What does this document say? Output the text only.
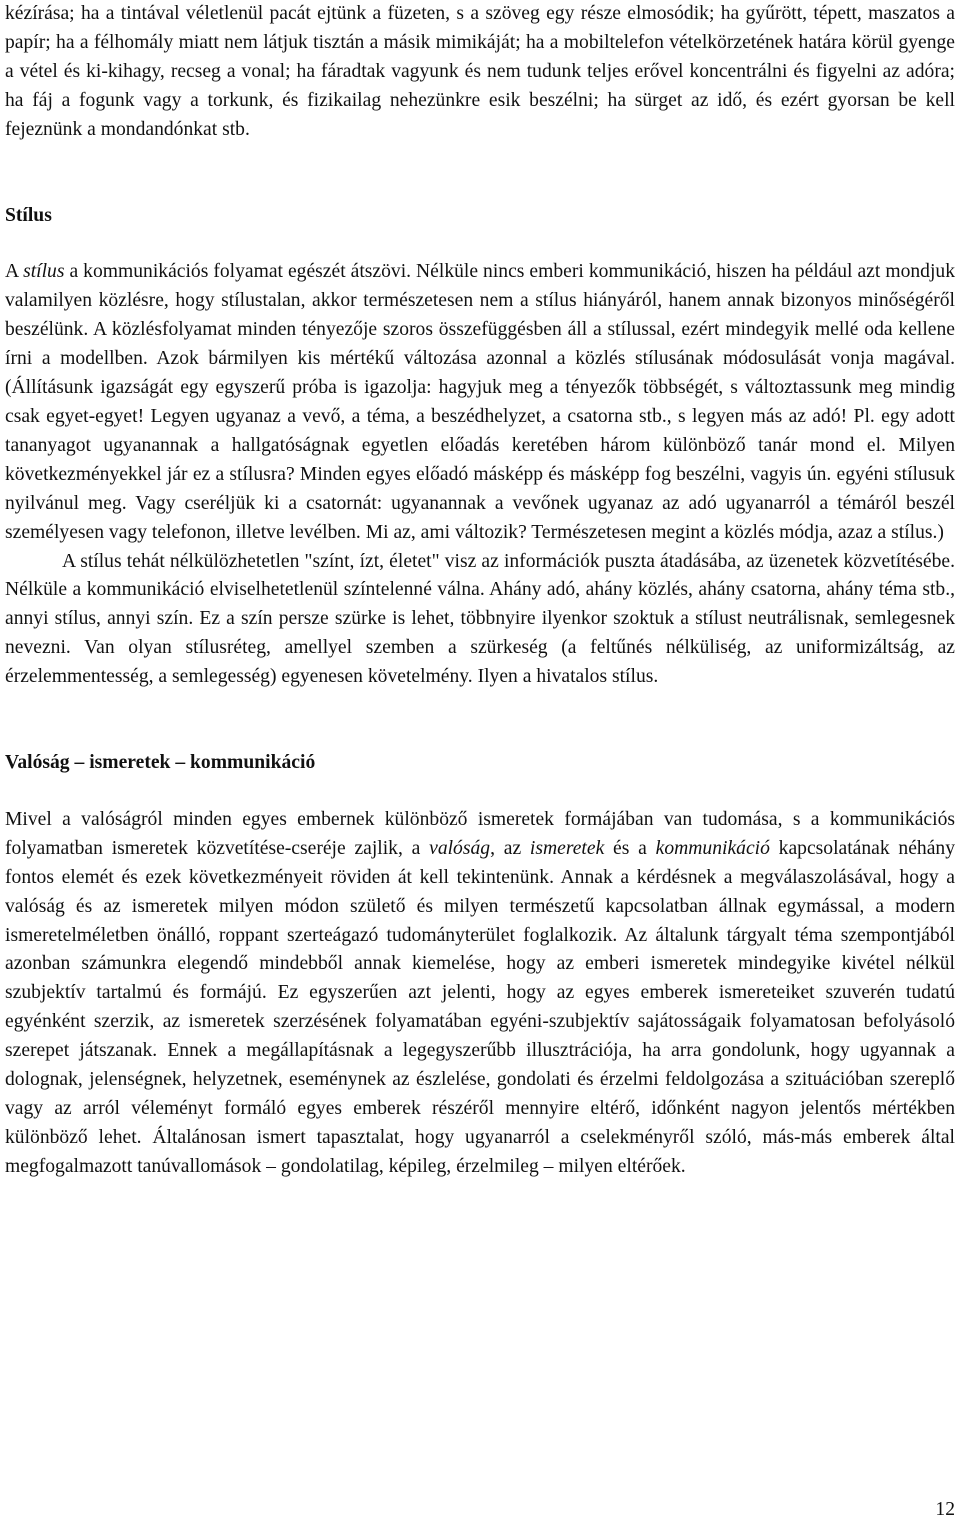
kézírása; ha a tintával véletlenül pacát ejtünk a füzeten, s a szöveg egy része elmosódik; ha gyűrött, tépett, maszatos a papír; ha a félhomály miatt nem látjuk tisztán a másik mimikáját; ha a mobiltelefon vételkörzetének határa körül gyenge a vétel és ki-kihagy, recseg a vonal; ha fáradtak vagyunk és nem tudunk teljes erővel koncentrálni és figyelni az adóra; ha fáj a fogunk vagy a torkunk, és fizikailag nehezünkre esik beszélni; ha sürget az idő, és ezért gyorsan be kell fejeznünk a mondandónkat stb.

Stílus

A stílus a kommunikációs folyamat egészét átszövi. Nélküle nincs emberi kommunikáció, hiszen ha például azt mondjuk valamilyen közlésre, hogy stílustalan, akkor természetesen nem a stílus hiányáról, hanem annak bizonyos minőségéről beszélünk. A közlésfolyamat minden tényezője szoros összefüggésben áll a stílussal, ezért mindegyik mellé oda kellene írni a modellben. Azok bármilyen kis mértékű változása azonnal a közlés stílusának módosulását vonja magával. (Állításunk igazságát egy egyszerű próba is igazolja: hagyjuk meg a tényezők többségét, s változtassunk meg mindig csak egyet-egyet! Legyen ugyanaz a vevő, a téma, a beszédhelyzet, a csatorna stb., s legyen más az adó! Pl. egy adott tananyagot ugyanannak a hallgatóságnak egyetlen előadás keretében három különböző tanár mond el. Milyen következményekkel jár ez a stílusra? Minden egyes előadó másképp és másképp fog beszélni, vagyis ún. egyéni stílusuk nyilvánul meg. Vagy cseréljük ki a csatornát: ugyanannak a vevőnek ugyanaz az adó ugyanarról a témáról beszél személyesen vagy telefonon, illetve levélben. Mi az, ami változik? Természetesen megint a közlés módja, azaz a stílus.)

A stílus tehát nélkülözhetetlen "színt, ízt, életet" visz az információk puszta átadásába, az üzenetek közvetítésébe. Nélküle a kommunikáció elviselhetetlenül színtelenné válna. Ahány adó, ahány közlés, ahány csatorna, ahány téma stb., annyi stílus, annyi szín. Ez a szín persze szürke is lehet, többnyire ilyenkor szoktuk a stílust neutrálisnak, semlegesnek nevezni. Van olyan stílusréteg, amellyel szemben a szürkeség (a feltűnés nélküliség, az uniformizáltság, az érzelemmentesség, a semlegesség) egyenesen követelmény. Ilyen a hivatalos stílus.

Valóság – ismeretek – kommunikáció

Mivel a valóságról minden egyes embernek különböző ismeretek formájában van tudomása, s a kommunikációs folyamatban ismeretek közvetítése-cseréje zajlik, a valóság, az ismeretek és a kommunikáció kapcsolatának néhány fontos elemét és ezek következményeit röviden át kell tekintenünk. Annak a kérdésnek a megválaszolásával, hogy a valóság és az ismeretek milyen módon születő és milyen természetű kapcsolatban állnak egymással, a modern ismeretelméletben önálló, roppant szerteágazó tudományterület foglalkozik. Az általunk tárgyalt téma szempontjából azonban számunkra elegendő mindebből annak kiemelése, hogy az emberi ismeretek mindegyike kivétel nélkül szubjektív tartalmú és formájú. Ez egyszerűen azt jelenti, hogy az egyes emberek ismereteiket szuverén tudatú egyénként szerzik, az ismeretek szerzésének folyamatában egyéni-szubjektív sajátosságaik folyamatosan befolyásoló szerepet játszanak. Ennek a megállapításnak a legegyszerűbb illusztrációja, ha arra gondolunk, hogy ugyannak a dolognak, jelenségnek, helyzetnek, eseménynek az észlelése, gondolati és érzelmi feldolgozása a szituációban szereplő vagy az arról véleményt formáló egyes emberek részéről mennyire eltérő, időnként nagyon jelentős mértékben különböző lehet. Általánosan ismert tapasztalat, hogy ugyanarról a cselekményről szóló, más-más emberek által megfogalmazott tanúvallomások – gondolatilag, képileg, érzelmileg – milyen eltérőek.

12
